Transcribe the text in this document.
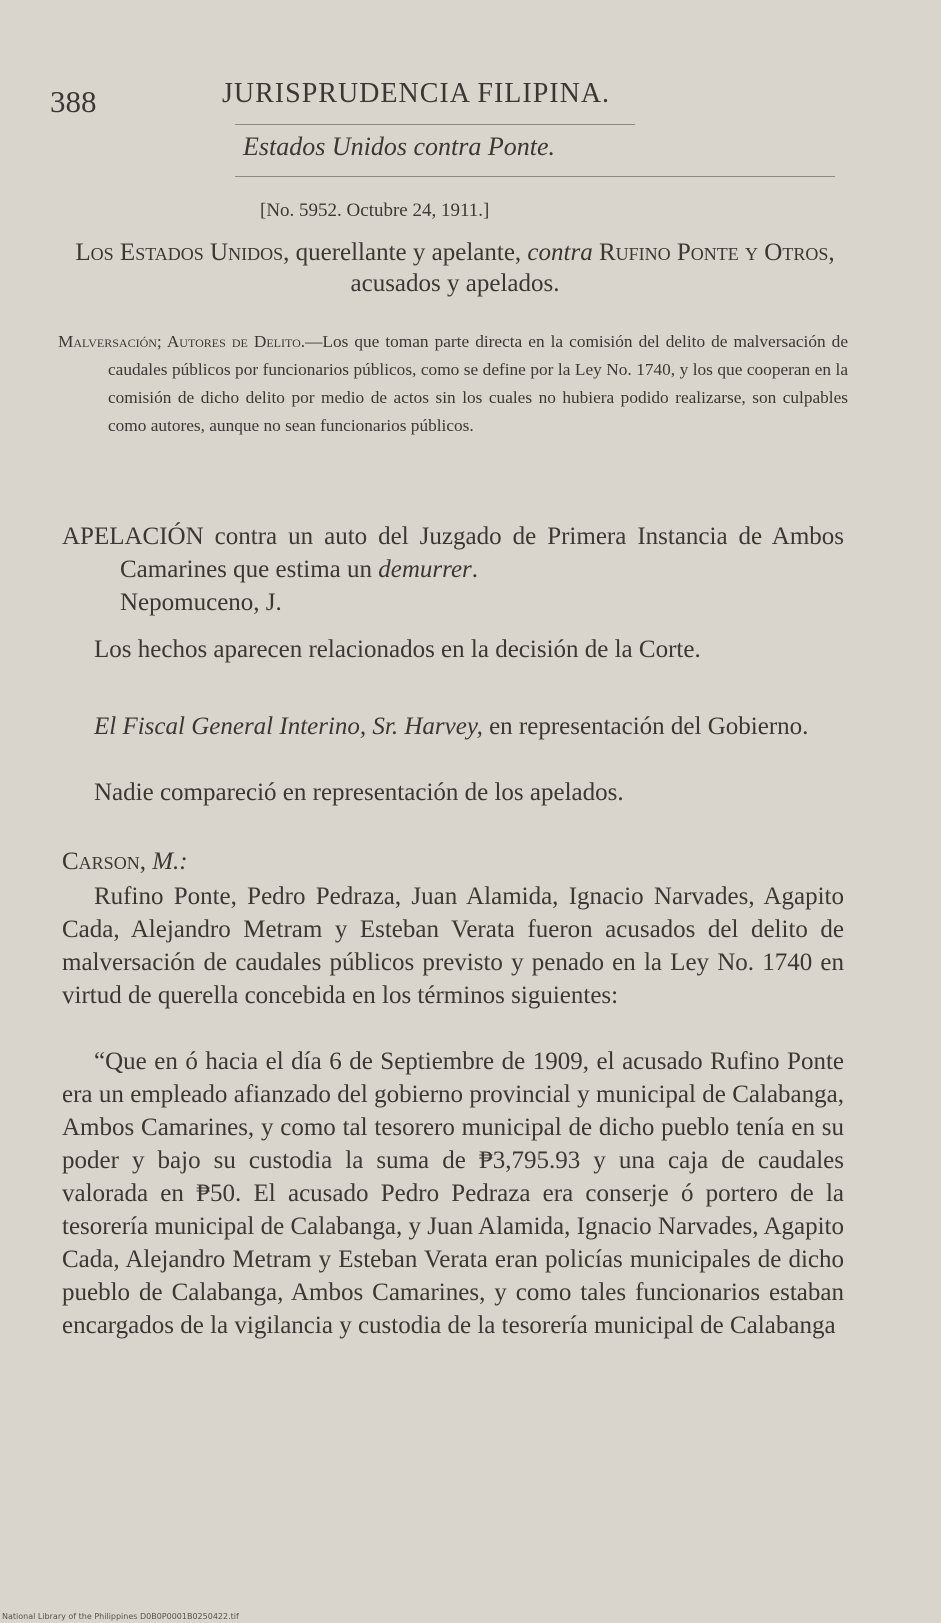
388	JURISPRUDENCIA FILIPINA.
Estados Unidos contra Ponte.
[No. 5952. Octubre 24, 1911.]
Los Estados Unidos, querellante y apelante, contra Rufino Ponte y Otros, acusados y apelados.
Malversación; Autores de Delito.—Los que toman parte directa en la comisión del delito de malversación de caudales públicos por funcionarios públicos, como se define por la Ley No. 1740, y los que cooperan en la comisión de dicho delito por medio de actos sin los cuales no hubiera podido realizarse, son culpables como autores, aunque no sean funcionarios públicos.
APELACIÓN contra un auto del Juzgado de Primera Instancia de Ambos Camarines que estima un demurrer.
Nepomuceno, J.
Los hechos aparecen relacionados en la decisión de la Corte.
El Fiscal General Interino, Sr. Harvey, en representación del Gobierno.
Nadie compareció en representación de los apelados.
Carson, M.:
Rufino Ponte, Pedro Pedraza, Juan Alamida, Ignacio Narvades, Agapito Cada, Alejandro Metram y Esteban Verata fueron acusados del delito de malversación de caudales públicos previsto y penado en la Ley No. 1740 en virtud de querella concebida en los términos siguientes:
“Que en ó hacia el día 6 de Septiembre de 1909, el acusado Rufino Ponte era un empleado afianzado del gobierno provincial y municipal de Calabanga, Ambos Camarines, y como tal tesorero municipal de dicho pueblo tenía en su poder y bajo su custodia la suma de ₱3,795.93 y una caja de caudales valorada en ₱50. El acusado Pedro Pedraza era conserje ó portero de la tesorería municipal de Calabanga, y Juan Alamida, Ignacio Narvades, Agapito Cada, Alejandro Metram y Esteban Verata eran policías municipales de dicho pueblo de Calabanga, Ambos Camarines, y como tales funcionarios estaban encargados de la vigilancia y custodia de la tesorería municipal de Calabanga
National Library of the Philippines D0B0P0001B0250422.tif
